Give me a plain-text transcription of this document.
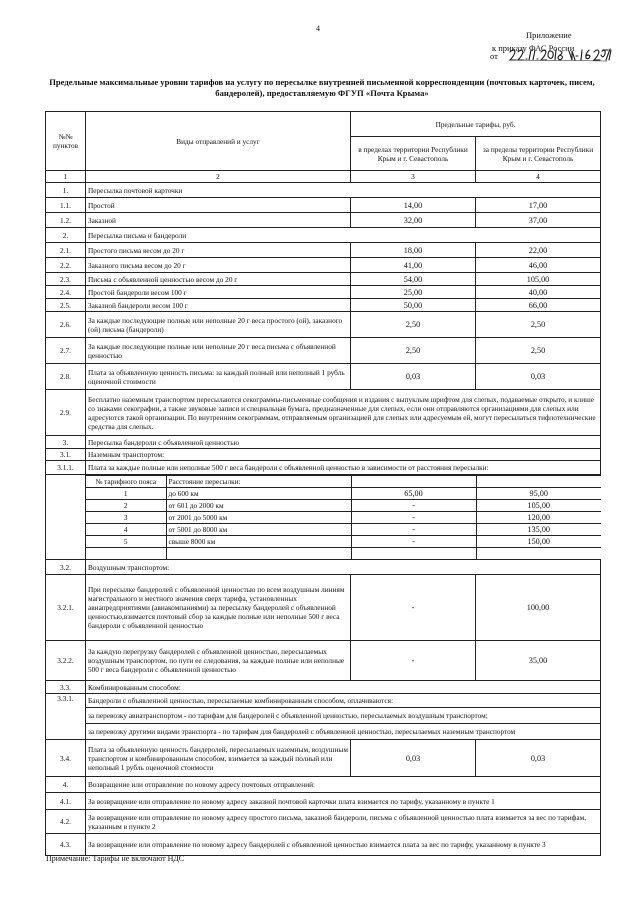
4
Приложение
к приказу ФАС России
от
Предельные максимальные уровни тарифов на услугу по пересылке внутренней письменной корреспонденции (почтовых карточек, писем, бандеролей), предоставляемую ФГУП «Почта Крыма»
№№ пунктов	Виды отправлений и услуг	Предельные тарифы, руб.
в пределах территории Республики Крым и г. Севастополь	за пределы территории Республики Крым и г. Севастополь
1	2	3	4
1.	Пересылка почтовой карточки
1.1.	Простой	14,00	17,00
1.2.	Заказной	32,00	37,00
2.	Пересылка письма и бандероли
2.1.	Простого письма весом до 20 г	18,00	22,00
2.2.	Заказного письма весом до 20 г	41,00	46,00
2.3.	Письма с объявленной ценностью весом до 20 г	54,00	105,00
2.4.	Простой бандероли весом 100 г	25,00	40,00
2.5.	Заказной бандероли весом 100 г	50,00	66,00
2.6.	За каждые последующие полные или неполные 20 г веса простого (ой), заказного (ой) письма (бандероли)	2,50	2,50
2.7.	За каждые последующие полные или неполные 20 г веса письма с объявленной ценностью	2,50	2,50
2.8.	Плата за объявленную ценность письма: за каждый полный или неполный 1 рубль оценочной стоимости	0,03	0,03
2.9.	Бесплатно наземным транспортом пересылаются секограммы-письменные сообщения и издания с выпуклым шрифтом для слепых, подаваемые открыто, и клише со знаками секографии, а также звуковые записи и специальная бумага, предназначенные для слепых, если они отправляются организациями для слепых или адресуются такой организации. По внутренним секограммам, отправляемым организацией для слепых или адресуемым ей, могут пересылаться тифлотехнические средства для слепых.
3.	Пересылка бандероли с объявленной ценностью
3.1.	Наземным транспортом:
3.1.1.	Плата за каждые полные или неполные 500 г веса бандероли с объявленной ценностью в зависимости от расстояния пересылки:

№ тарифного пояса	Расстояние пересылки:		
1	до 600 км	65,00	95,00
2	от 601 до 2000 км	-	105,00
3	от 2001 до 5000 км	-	120,00
4	от 5001 до 8000 км	-	135,00
5	свыше 8000 км	-	150,00

3.2.	Воздушным транспортом:
3.2.1.	При пересылке бандеролей с объявленной ценностью по всем воздушным линиям магистрального и местного значения сверх тарифа, установленных авиапредприятиями (авиакомпаниями) за пересылку бандеролей с объявленной ценностью,взимается почтовый сбор за каждые полные или неполные 500 г веса бандероли с объявленной ценностью	-	100,00
3.2.2.	За каждую перегрузку бандеролей с объявленной ценностью, пересылаемых воздушным транспортом, по пути ее следования, за каждые полные или неполные 500 г веса бандероли с объявленной ценностью	-	35,00
3.3.	Комбинированным способом:
3.3.1.	Бандероли с объявленной ценностью, пересылаемые комбинированным способом, оплачиваются:
за перевозку авиатранспортом - по тарифам для бандеролей с объявленной ценностью, пересылаемых воздушным транспортом;
за перевозку другими видами транспорта - по тарифам для бандеролей с объявленной ценностью, пересылаемых наземным транспортом
3.4.	Плата за объявленную ценность бандеролей, пересылаемых наземным, воздушным транспортом и комбинированным способом, взимается за каждый полный или неполный 1 рубль оценочной стоимости	0,03	0,03
4.	Возвращение или отправление по новому адресу почтовых отправлений:
4.1.	За возвращение или отправление по новому адресу заказной почтовой карточки плата взимается по тарифу, указанному в пункте 1
4.2.	За возвращение или отправление по новому адресу простого письма, заказной бандероли, письма с объявленной ценностью плата взимается за вес по тарифам, указанным в пункте 2
4.3.	За возвращение или отправление по новому адресу бандеролей с объявленной ценностью взимается плата за вес по тарифу, указанному в пункте 3
Примечание: Тарифы не включают НДС
